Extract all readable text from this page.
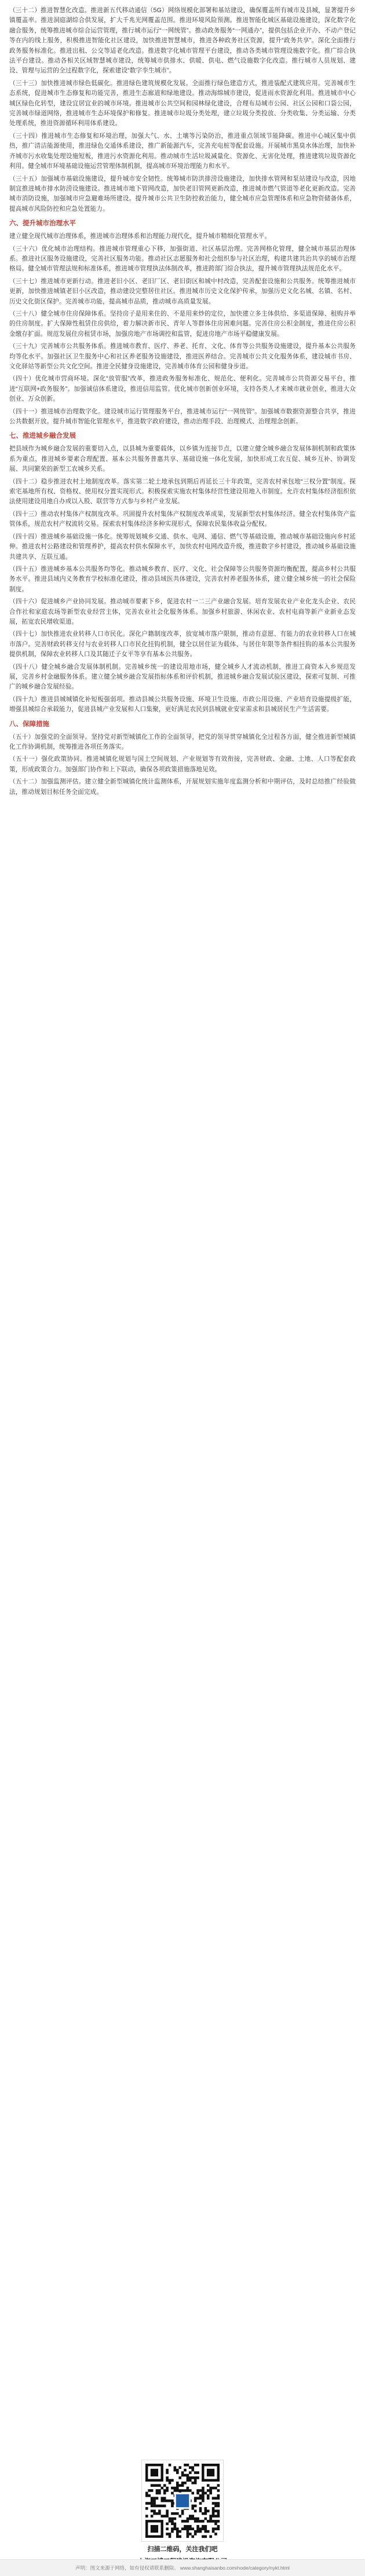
（三十二）推进智慧化改造。推进新五代移动通信（5G）网络规模化部署和基站建设，确保覆盖所有城市及县城，显著提升乡镇覆盖率。推进洞庭湖综合供发展，扩大千兆光网覆盖范围。推进环境风险预测。推进智能化城区基础设施建设，深化数字化融合服务，统筹推进城市综合运营管理，推行城市运行“一网统管”。推动政务服务“一网通办”，提供包括企业开办、不动产登记等在内的线上服务，积极推进智能化社区建设，加快推进智慧城市，推进各种政务社区资源，提升“政务共享”。深化全面推行政务服务标准化。推进出租、公交等适老化改造。推进数字化城市管理平台建设，推动各类城市管理设施数字化。推广综合执法平台建设。推动各相关区域智慧城市建设，统筹城市供排水、供暖、供电、燃气设施数字化改造。推行城市人员规划、建设、管理与运营的全过程数字化，探索建设“数字孪生城市”。

（三十三）加快推进城市绿色低碳化。推进绿色建筑规模化发展。全面推行绿色建造方式，推进装配式建筑应用。完善城市生态系统，促进城市生态修复和功能完善，推进生态廊道和绿地建设。推动海绵城市建设，促进雨水资源化利用。推进城市中心城区绿色化转型，建设宜居宜业的城市环境。推进城市公共空间和园林绿化建设，合理布局城市公园、社区公园和口袋公园，完善城市绿道网络，推进城市生态环境保护和修复。推进城市垃圾分类处理，建立垃圾分类投放、分类收集、分类运输、分类处理系统，推进资源循环利用体系建设。

（三十四）推进城市生态修复和环境治理，加强大气、水、土壤等污染防治，推进重点领域节能降碳。推进中心城区集中供热，推广清洁能源使用，推进绿色交通体系建设，推广新能源汽车，完善充电桩等配套设施。开展城市黑臭水体治理，加快补齐城市污水收集处理设施短板，推进污水资源化利用。推动城市生活垃圾减量化、资源化、无害化处理，推进建筑垃圾资源化利用。健全城市环境基础设施运营管理体制机制，提高城市环境治理能力和水平。

（三十五）加强城市基础设施建设，提升城市安全韧性。统筹城市防洪排涝设施建设，加快排水管网和泵站建设与改造，因地制宜推进城市排水防涝设施建设。推进城市地下管网改造，加快老旧管网更新改造，推进城市燃气管道等老化更新改造。完善城市消防设施，加强城市应急避难场所建设。提升城市公共卫生防控救治能力，健全城市应急管理体系和应急物资储备体系，提高城市风险防控和应急处置能力。

六、提升城市治理水平

建立健全现代城市治理体系，推进城市治理体系和治理能力现代化，提升城市精细化管理水平。

（三十六）优化城市治理结构。推进城市管理重心下移，加强街道、社区基层治理。完善网格化管理，健全城市基层治理体系。推进社区服务设施建设，完善社区服务功能。推动社区志愿服务和社会组织参与社区治理，构建共建共治共享的城市治理格局。健全城市管理法规和标准体系，推进城市管理执法体制改革，推进跨部门综合执法，提升城市管理执法规范化水平。

（三十七）推进城市更新行动。推进老旧小区、老旧厂区、老旧街区和城中村改造，完善配套设施和公共服务。统筹推进城市更新，加快推进城镇老旧小区改造，推动建设完整居住社区。推进城市历史文化保护传承，加强历史文化名城、名镇、名村、历史文化街区保护。完善城市功能，提高城市品质，推动城市高质量发展。

（三十八）健全城市住房保障体系。坚持房子是用来住的、不是用来炒的定位，加快建立多主体供给、多渠道保障、租购并举的住房制度。扩大保障性租赁住房供给，着力解决新市民、青年人等群体住房困难问题。完善住房公积金制度，推进住房公积金缴存扩面。规范发展住房租赁市场，加强房地产市场调控和监管，促进房地产市场平稳健康发展。

（三十九）完善城市公共服务体系。推进城市教育、医疗、养老、托育、文化、体育等公共服务设施建设，提升基本公共服务均等化水平。加强社区卫生服务中心和社区养老服务设施建设，推进医养结合。完善城市公共文化服务体系，建设城市书房、文化驿站等新型公共文化空间。推进全民健身设施建设，完善城市体育公园和健身步道。

（四十）优化城市营商环境。深化“放管服”改革，推进政务服务标准化、规范化、便利化。完善城市公共资源交易平台，推进“互联网+政务服务”。加强诚信体系建设，推进信用监管。优化城市创新创业环境，支持各类人才来城市就业创业，推进大众创业、万众创新。

（四十一）推进城市治理数字化。建设城市运行管理服务平台，推进城市运行“一网统管”。加强城市数据资源整合共享，推进公共数据开放。提升城市智能化管理水平，推进数字政府建设，推动治理手段、治理模式、治理理念创新。

七、推进城乡融合发展

把县域作为城乡融合发展的重要切入点，以县城为重要载体，以乡镇为连接节点，以建立健全城乡融合发展体制机制和政策体系为重点，推进城乡要素合理配置、基本公共服务普惠共享、基础设施一体化发展，加快形成工农互促、城乡互补、协调发展、共同繁荣的新型工农城乡关系。

（四十二）稳步推进农村土地制度改革。落实第二轮土地承包到期后再延长三十年政策，完善农村承包地“三权分置”制度。探索宅基地所有权、资格权、使用权分置实现形式。积极探索实施农村集体经营性建设用地入市制度。允许农村集体经济组织依法使用建设用地自办或以入股、联营等方式参与乡村产业发展。

（四十三）推动农村集体产权制度改革。巩固提升农村集体产权制度改革成果，发展新型农村集体经济。健全农村集体资产监管体系，规范农村产权流转交易。探索农村集体经济多种实现形式，保障农民集体收益分配权。

（四十四）推进城乡基础设施一体化。统筹规划城乡交通、供水、电网、通信、燃气等基础设施，推动城市基础设施向乡村延伸。推进农村公路建设和管理养护，提高农村供水保障水平，加快农村电网改造升级，推进数字乡村建设，推动城乡基础设施共建共享、互联互通。

（四十五）推进城乡基本公共服务均等化。推动城乡教育、医疗、文化、社会保障等公共服务资源均衡配置，提高乡村公共服务水平。推进县域内义务教育学校标准化建设，推动县域医共体建设，完善农村养老服务体系，建立健全城乡统一的社会保险制度。

（四十六）促进城乡产业协同发展。推动城市要素下乡，促进农村一二三产业融合发展。培育发展农业产业化龙头企业、农民合作社和家庭农场等新型农业经营主体，完善农业社会化服务体系。加强乡村旅游、休闲农业、农村电商等新产业新业态发展，拓宽农民增收渠道。

（四十七）加快推进农业转移人口市民化。深化户籍制度改革，放宽城市落户限制，推动有意愿、有能力的农业转移人口在城市落户。完善财政转移支付与农业转移人口市民化挂钩机制，健全以居住证为载体、与居住年限等条件相挂钩的基本公共服务提供机制，保障农业转移人口及其随迁子女平等享有基本公共服务。

（四十八）健全城乡融合发展体制机制。完善城乡统一的建设用地市场，健全城乡人才流动机制，推进工商资本入乡规范发展，完善乡村金融服务体系。建立健全城乡融合发展指标体系和评价机制，推进城乡融合发展试验区建设，探索可复制、可推广的城乡融合发展经验。

（四十九）推进县城城镇化补短板强弱项。推动县城公共服务设施、环境卫生设施、市政公用设施、产业培育设施提级扩能，增强县城综合承载能力，促进县城产业发展和人口集聚，更好满足农民到县城就业安家需求和县城居民生产生活需要。

八、保障措施

（五十）加强党的全面领导。坚持党对新型城镇化工作的全面领导，把党的领导贯穿城镇化全过程各方面，健全推进新型城镇化工作协调机制，统筹推进各项任务落实。

（五十一）强化政策协同。推进城镇化规划与国土空间规划、产业规划等有效衔接，完善财政、金融、土地、人口等配套政策，形成政策合力。加强部门协作和上下联动，确保各项政策措施落地见效。

（五十二）加强监测评估。建立健全新型城镇化统计监测体系，开展规划实施年度监测分析和中期评估，及时总结推广经验做法，推动规划目标任务全面完成。

扫描二维码，关注我们吧
声明：图文来源于网络，如有侵权请联系删除。 www.shanghaisanbo.com/node/category/nykt.html
